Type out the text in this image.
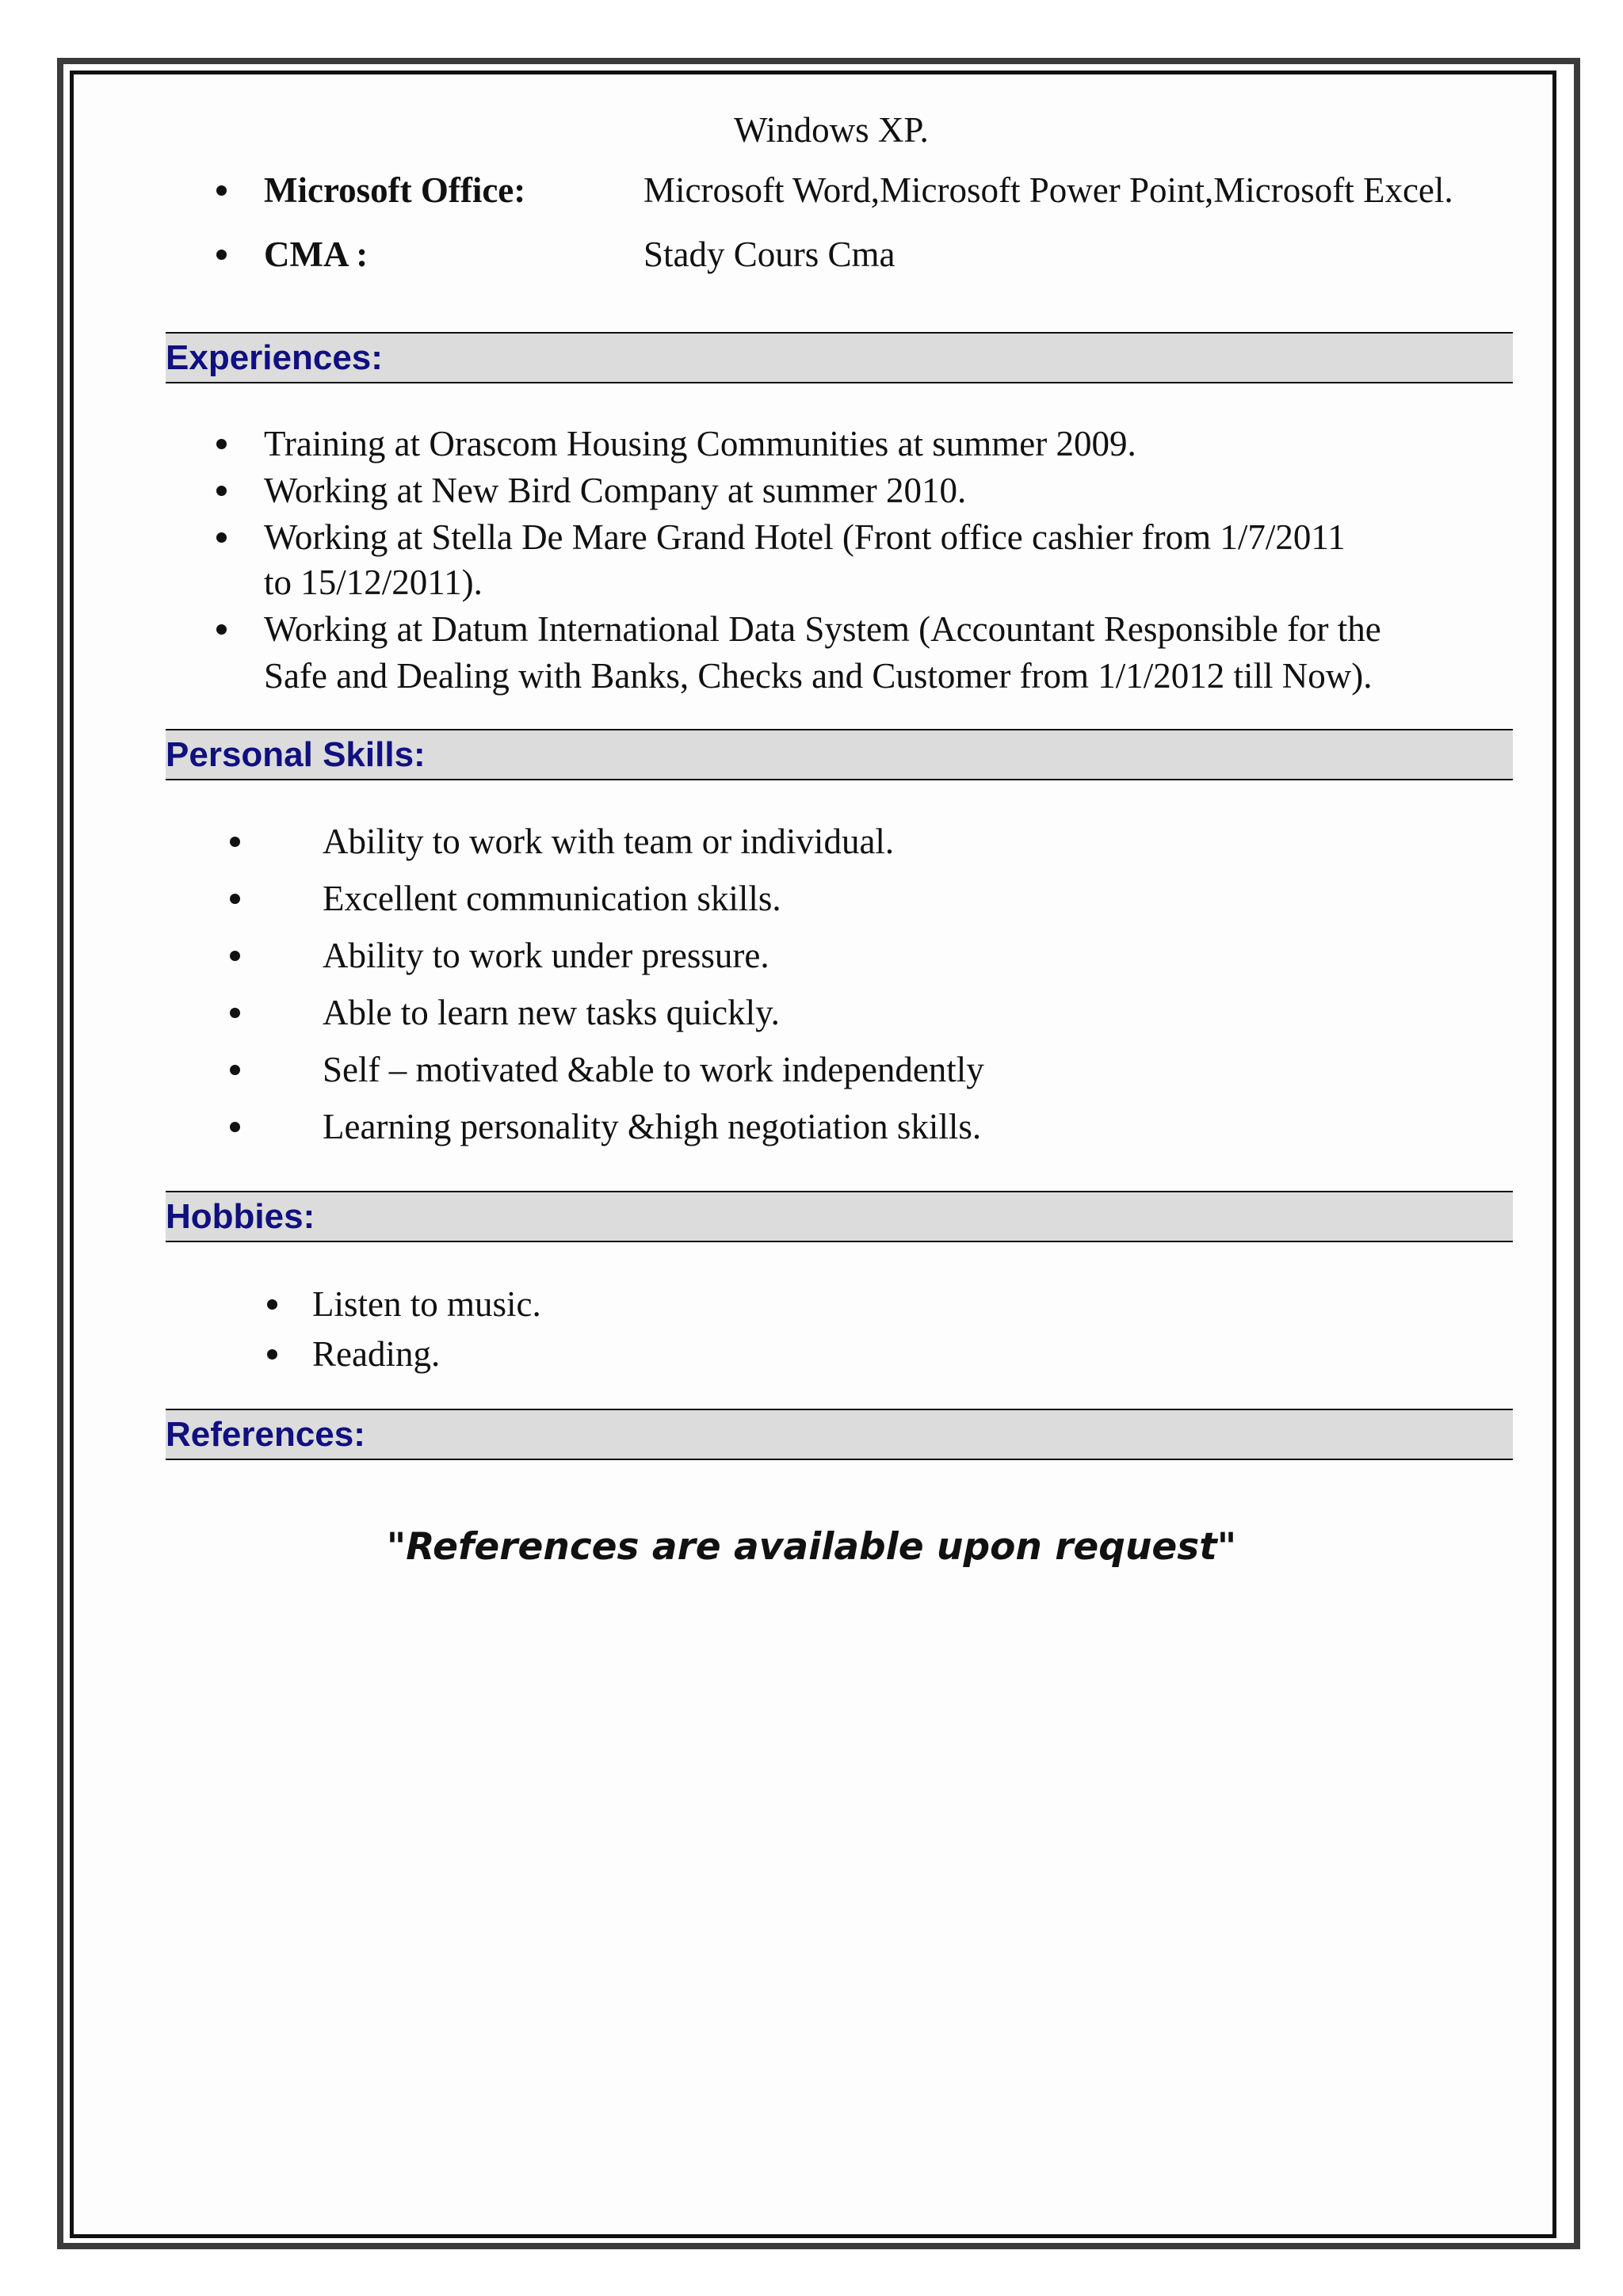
Windows XP.
Microsoft Office:	Microsoft Word,Microsoft Power Point,Microsoft Excel.
CMA :	Stady Cours Cma
Experiences:
Training at Orascom Housing Communities at summer 2009.
Working at New Bird Company at summer 2010.
Working at Stella De Mare Grand Hotel (Front office cashier from 1/7/2011
to 15/12/2011).
Working at Datum International Data System (Accountant Responsible for the
Safe and Dealing with Banks, Checks and Customer from 1/1/2012 till Now).
Personal Skills:
Ability to work with team or individual.
Excellent communication skills.
Ability to work under pressure.
Able to learn new tasks quickly.
Self – motivated &able to work independently
Learning personality &high negotiation skills.
Hobbies:
Listen to music.
Reading.
References:
"References are available upon request"
